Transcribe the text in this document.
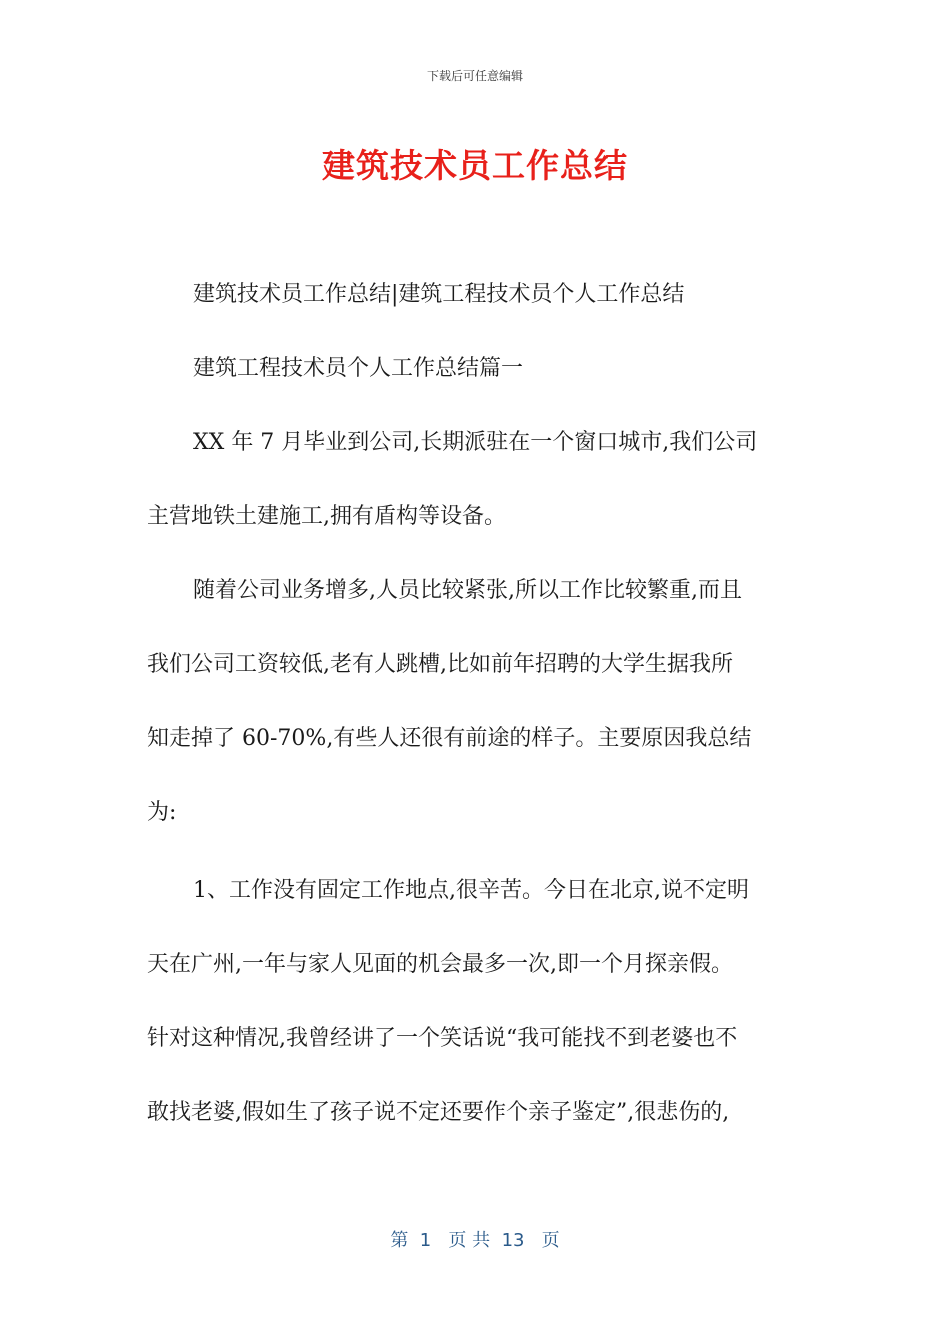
下载后可任意编辑
建筑技术员工作总结
建筑技术员工作总结|建筑工程技术员个人工作总结
建筑工程技术员个人工作总结篇一
XX 年 7 月毕业到公司,长期派驻在一个窗口城市,我们公司
主营地铁土建施工,拥有盾构等设备。
随着公司业务增多,人员比较紧张,所以工作比较繁重,而且
我们公司工资较低,老有人跳槽,比如前年招聘的大学生据我所
知走掉了 60-70%,有些人还很有前途的样子。主要原因我总结
为:
1、工作没有固定工作地点,很辛苦。今日在北京,说不定明
天在广州,一年与家人见面的机会最多一次,即一个月探亲假。
针对这种情况,我曾经讲了一个笑话说“我可能找不到老婆也不
敢找老婆,假如生了孩子说不定还要作个亲子鉴定”,很悲伤的,
第  1   页 共  13   页
